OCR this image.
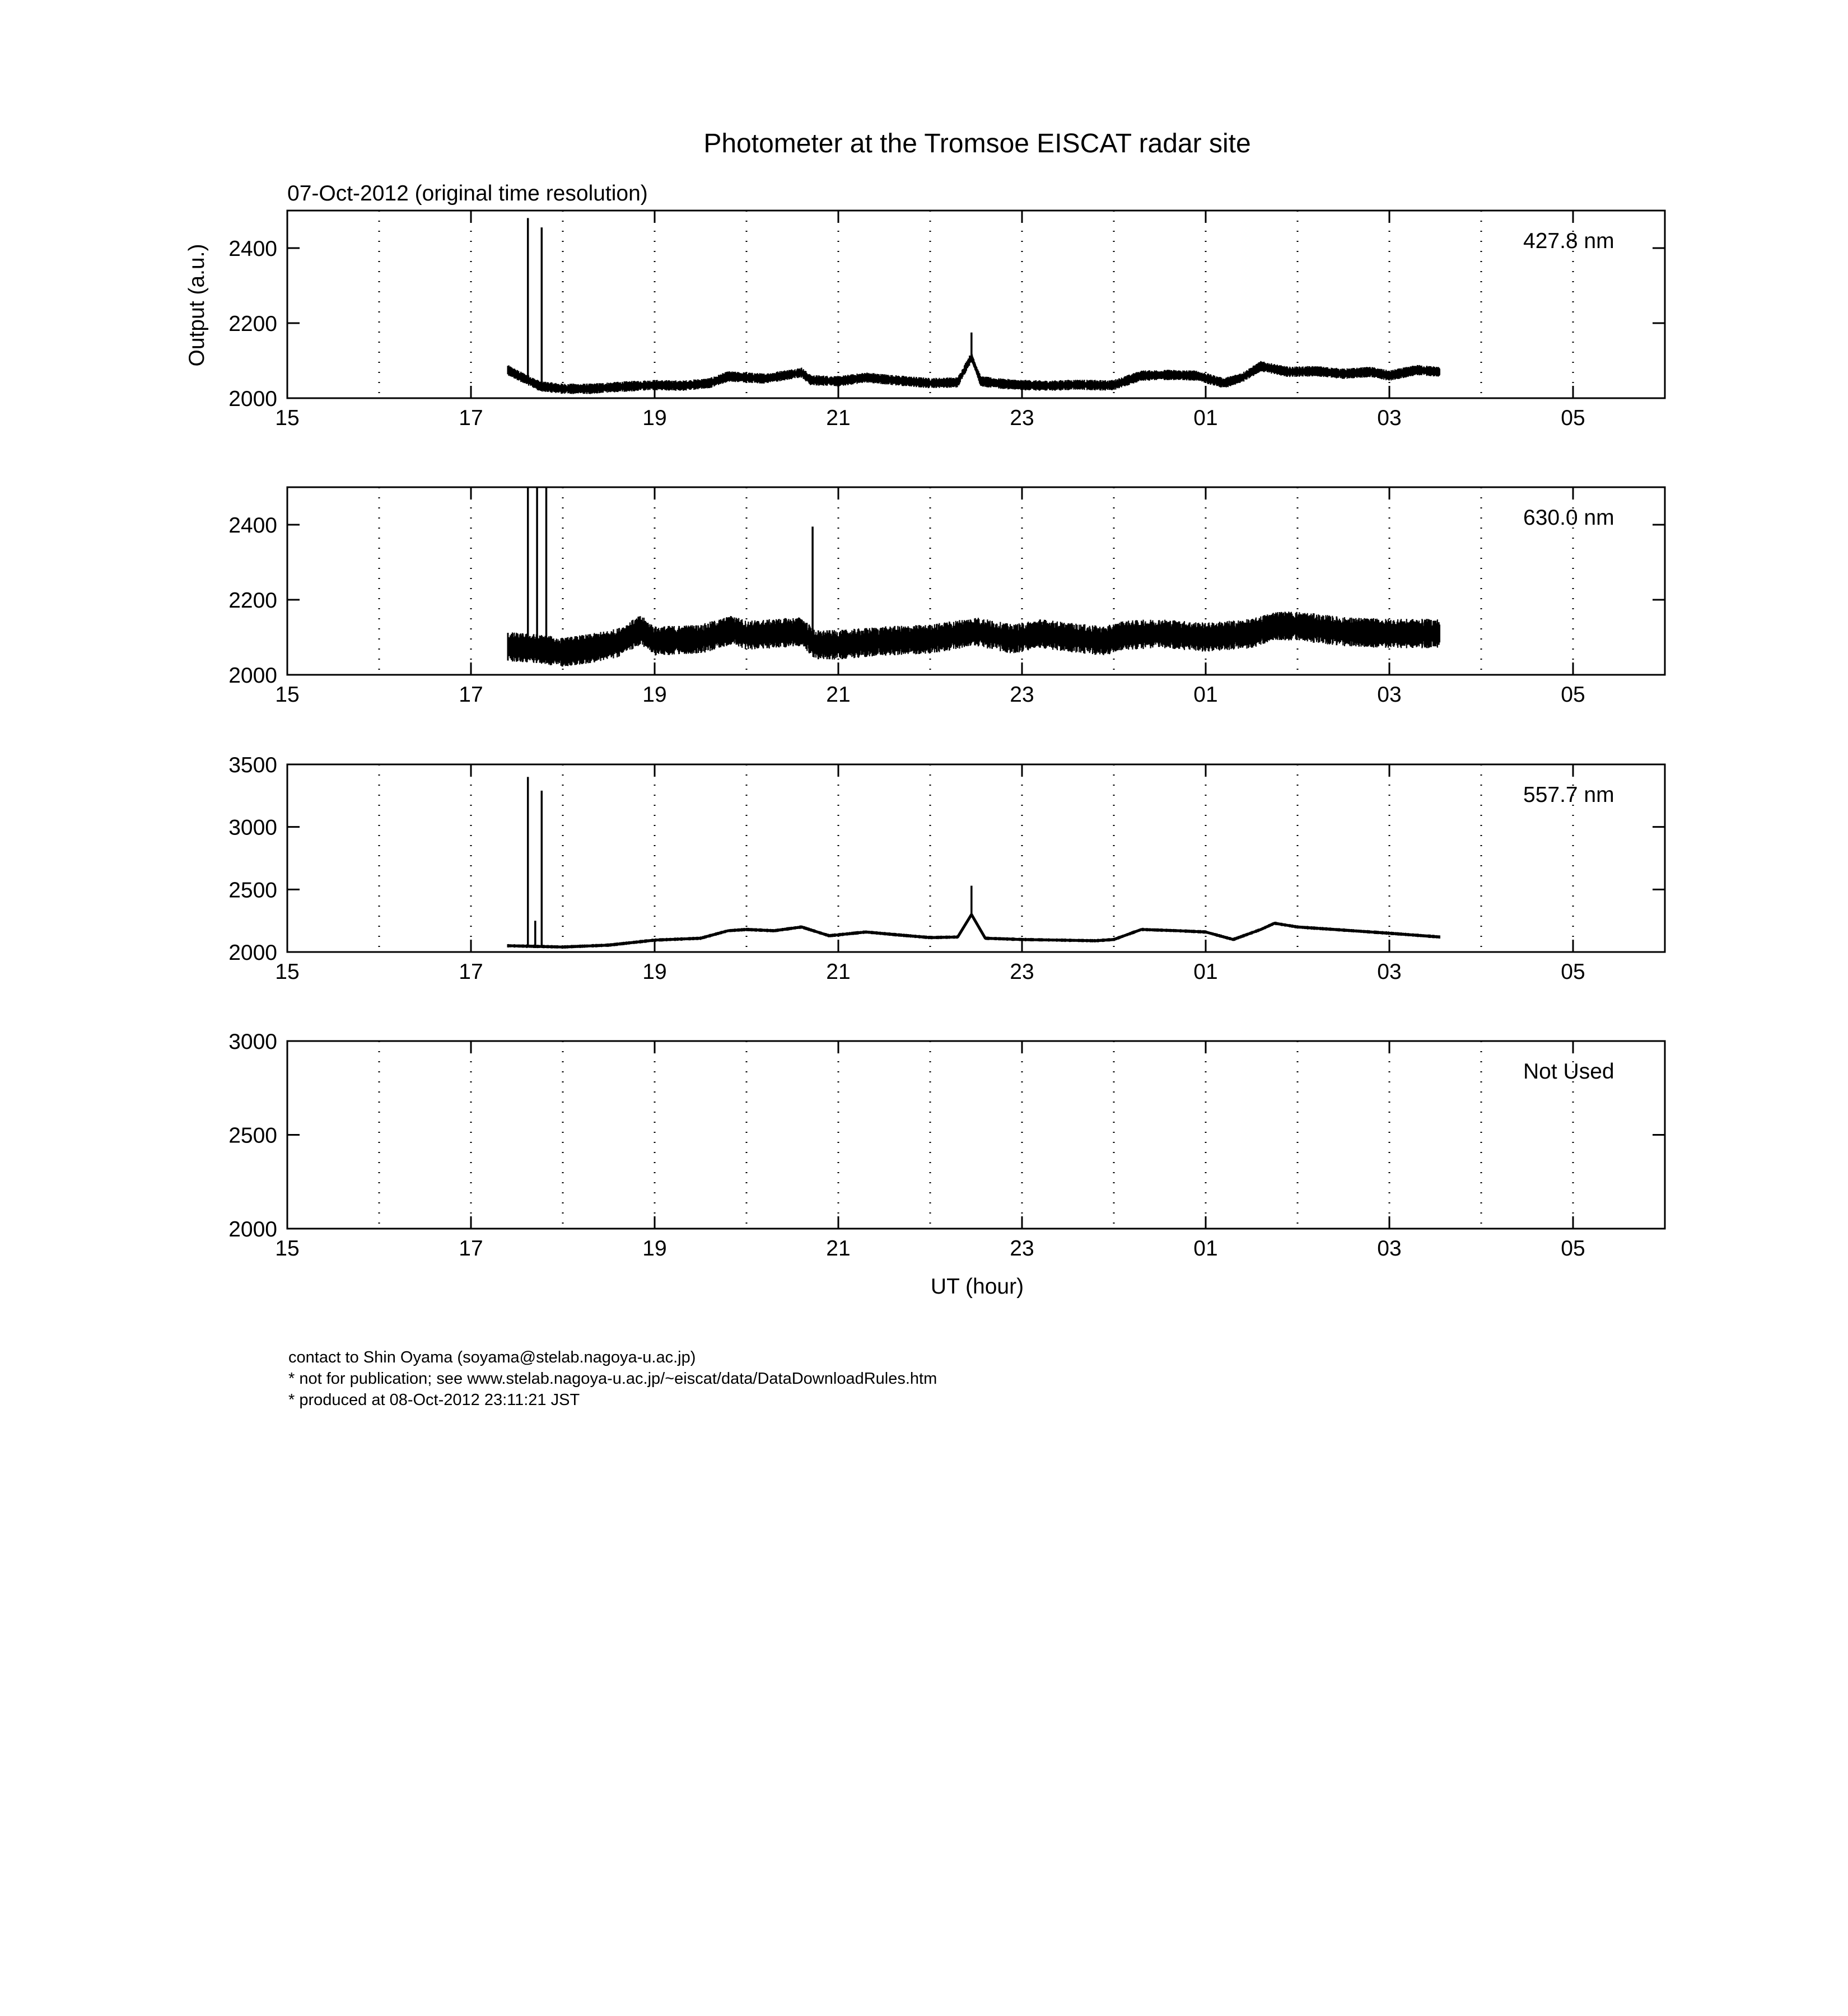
Photometer at the Tromsoe EISCAT radar site
07-Oct-2012 (original time resolution)
Output (a.u.)
UT (hour)
2000
2200
2400
15	17	19	21	23	01	03	05
427.8 nm
2000
2200
2400
15	17	19	21	23	01	03	05
630.0 nm
2000
2500
3000
3500
15	17	19	21	23	01	03	05
557.7 nm
2000
2500
3000
15	17	19	21	23	01	03	05
Not Used
contact to Shin Oyama (soyama@stelab.nagoya-u.ac.jp)
* not for publication; see www.stelab.nagoya-u.ac.jp/~eiscat/data/DataDownloadRules.htm
* produced at 08-Oct-2012 23:11:21 JST
